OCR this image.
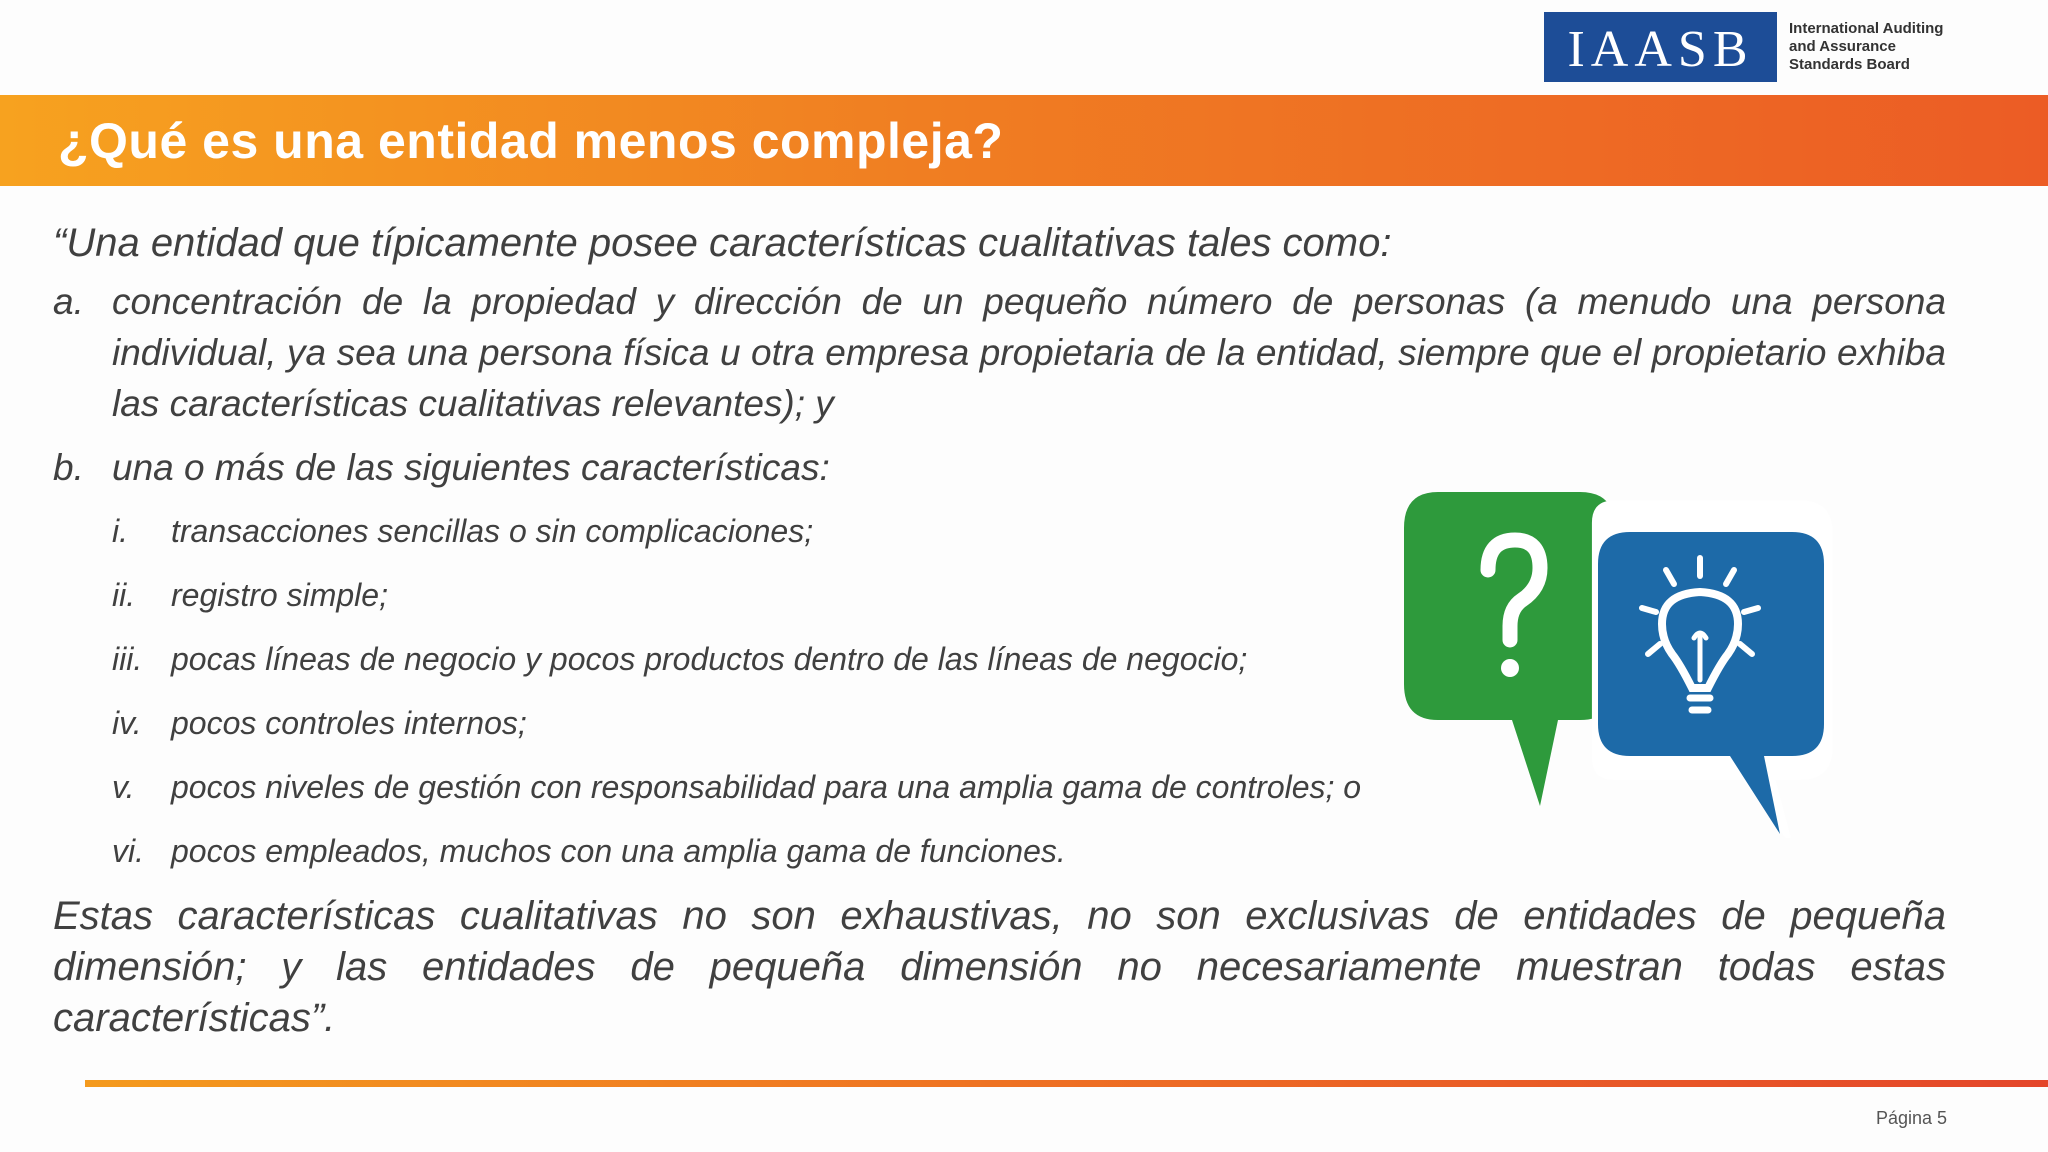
IAASB	International Auditing
and Assurance
Standards Board
¿Qué es una entidad menos compleja?

“Una entidad que típicamente posee características cualitativas tales como:

a. concentración de la propiedad y dirección de un pequeño número de personas (a menudo una persona individual, ya sea una persona física u otra empresa propietaria de la entidad, siempre que el propietario exhiba las características cualitativas relevantes); y
b. una o más de las siguientes características:
i.	transacciones sencillas o sin complicaciones;
ii.	registro simple;
iii. pocas líneas de negocio y pocos productos dentro de las líneas de negocio;
iv. pocos controles internos;
v.	pocos niveles de gestión con responsabilidad para una amplia gama de controles; o
vi. pocos empleados, muchos con una amplia gama de funciones.
Estas características cualitativas no son exhaustivas, no son exclusivas de entidades de pequeña dimensión; y las entidades de pequeña dimensión no necesariamente muestran todas estas características”.
Página 5
